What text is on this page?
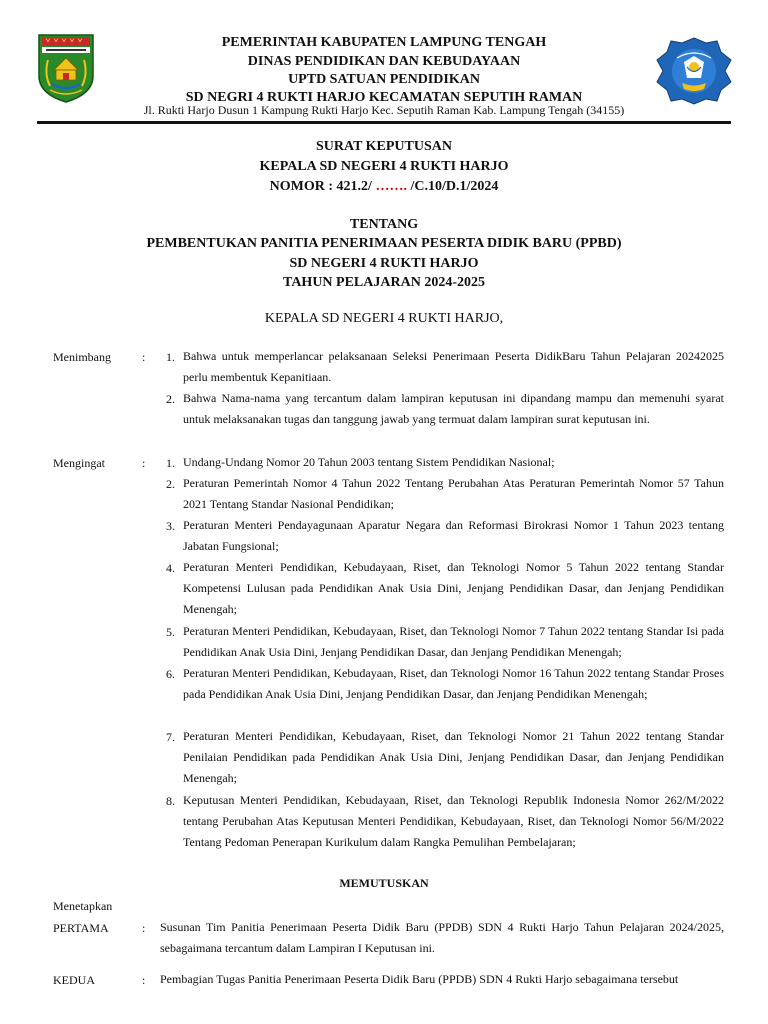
PEMERINTAH KABUPATEN LAMPUNG TENGAH
DINAS PENDIDIKAN DAN KEBUDAYAAN
UPTD SATUAN PENDIDIKAN
SD NEGRI 4 RUKTI HARJO KECAMATAN SEPUTIH RAMAN
Jl. Rukti Harjo Dusun 1 Kampung Rukti Harjo Kec. Seputih Raman Kab. Lampung Tengah (34155)
SURAT KEPUTUSAN
KEPALA SD NEGERI 4 RUKTI HARJO
NOMOR : 421.2/ ……. /C.10/D.1/2024
TENTANG
PEMBENTUKAN PANITIA PENERIMAAN PESERTA DIDIK BARU (PPBD)
SD NEGERI 4 RUKTI HARJO
TAHUN PELAJARAN 2024-2025
KEPALA SD NEGERI 4 RUKTI HARJO,
Menimbang	:	1. Bahwa untuk memperlancar pelaksanaan Seleksi Penerimaan Peserta DidikBaru Tahun Pelajaran 20242025 perlu membentuk Kepanitiaan.
2. Bahwa Nama-nama yang tercantum dalam lampiran keputusan ini dipandang mampu dan memenuhi syarat untuk melaksanakan tugas dan tanggung jawab yang termuat dalam lampiran surat keputusan ini.
Mengingat	:	1. Undang-Undang Nomor 20 Tahun 2003 tentang Sistem Pendidikan Nasional;
2. Peraturan Pemerintah Nomor 4 Tahun 2022 Tentang Perubahan Atas Peraturan Pemerintah Nomor 57 Tahun 2021 Tentang Standar Nasional Pendidikan;
3. Peraturan Menteri Pendayagunaan Aparatur Negara dan Reformasi Birokrasi Nomor 1 Tahun 2023 tentang Jabatan Fungsional;
4. Peraturan Menteri Pendidikan, Kebudayaan, Riset, dan Teknologi Nomor 5 Tahun 2022 tentang Standar Kompetensi Lulusan pada Pendidikan Anak Usia Dini, Jenjang Pendidikan Dasar, dan Jenjang Pendidikan Menengah;
5. Peraturan Menteri Pendidikan, Kebudayaan, Riset, dan Teknologi Nomor 7 Tahun 2022 tentang Standar Isi pada Pendidikan Anak Usia Dini, Jenjang Pendidikan Dasar, dan Jenjang Pendidikan Menengah;
6. Peraturan Menteri Pendidikan, Kebudayaan, Riset, dan Teknologi Nomor 16 Tahun 2022 tentang Standar Proses pada Pendidikan Anak Usia Dini, Jenjang Pendidikan Dasar, dan Jenjang Pendidikan Menengah;
7. Peraturan Menteri Pendidikan, Kebudayaan, Riset, dan Teknologi Nomor 21 Tahun 2022 tentang Standar Penilaian Pendidikan pada Pendidikan Anak Usia Dini, Jenjang Pendidikan Dasar, dan Jenjang Pendidikan Menengah;
8. Keputusan Menteri Pendidikan, Kebudayaan, Riset, dan Teknologi Republik Indonesia Nomor 262/M/2022 tentang Perubahan Atas Keputusan Menteri Pendidikan, Kebudayaan, Riset, dan Teknologi Nomor 56/M/2022 Tentang Pedoman Penerapan Kurikulum dalam Rangka Pemulihan Pembelajaran;
MEMUTUSKAN
Menetapkan
PERTAMA	: Susunan Tim Panitia Penerimaan Peserta Didik Baru (PPDB) SDN 4 Rukti Harjo Tahun Pelajaran 2024/2025, sebagaimana tercantum dalam Lampiran I Keputusan ini.
KEDUA	: Pembagian Tugas Panitia Penerimaan Peserta Didik Baru (PPDB) SDN 4 Rukti Harjo sebagaimana tersebut
